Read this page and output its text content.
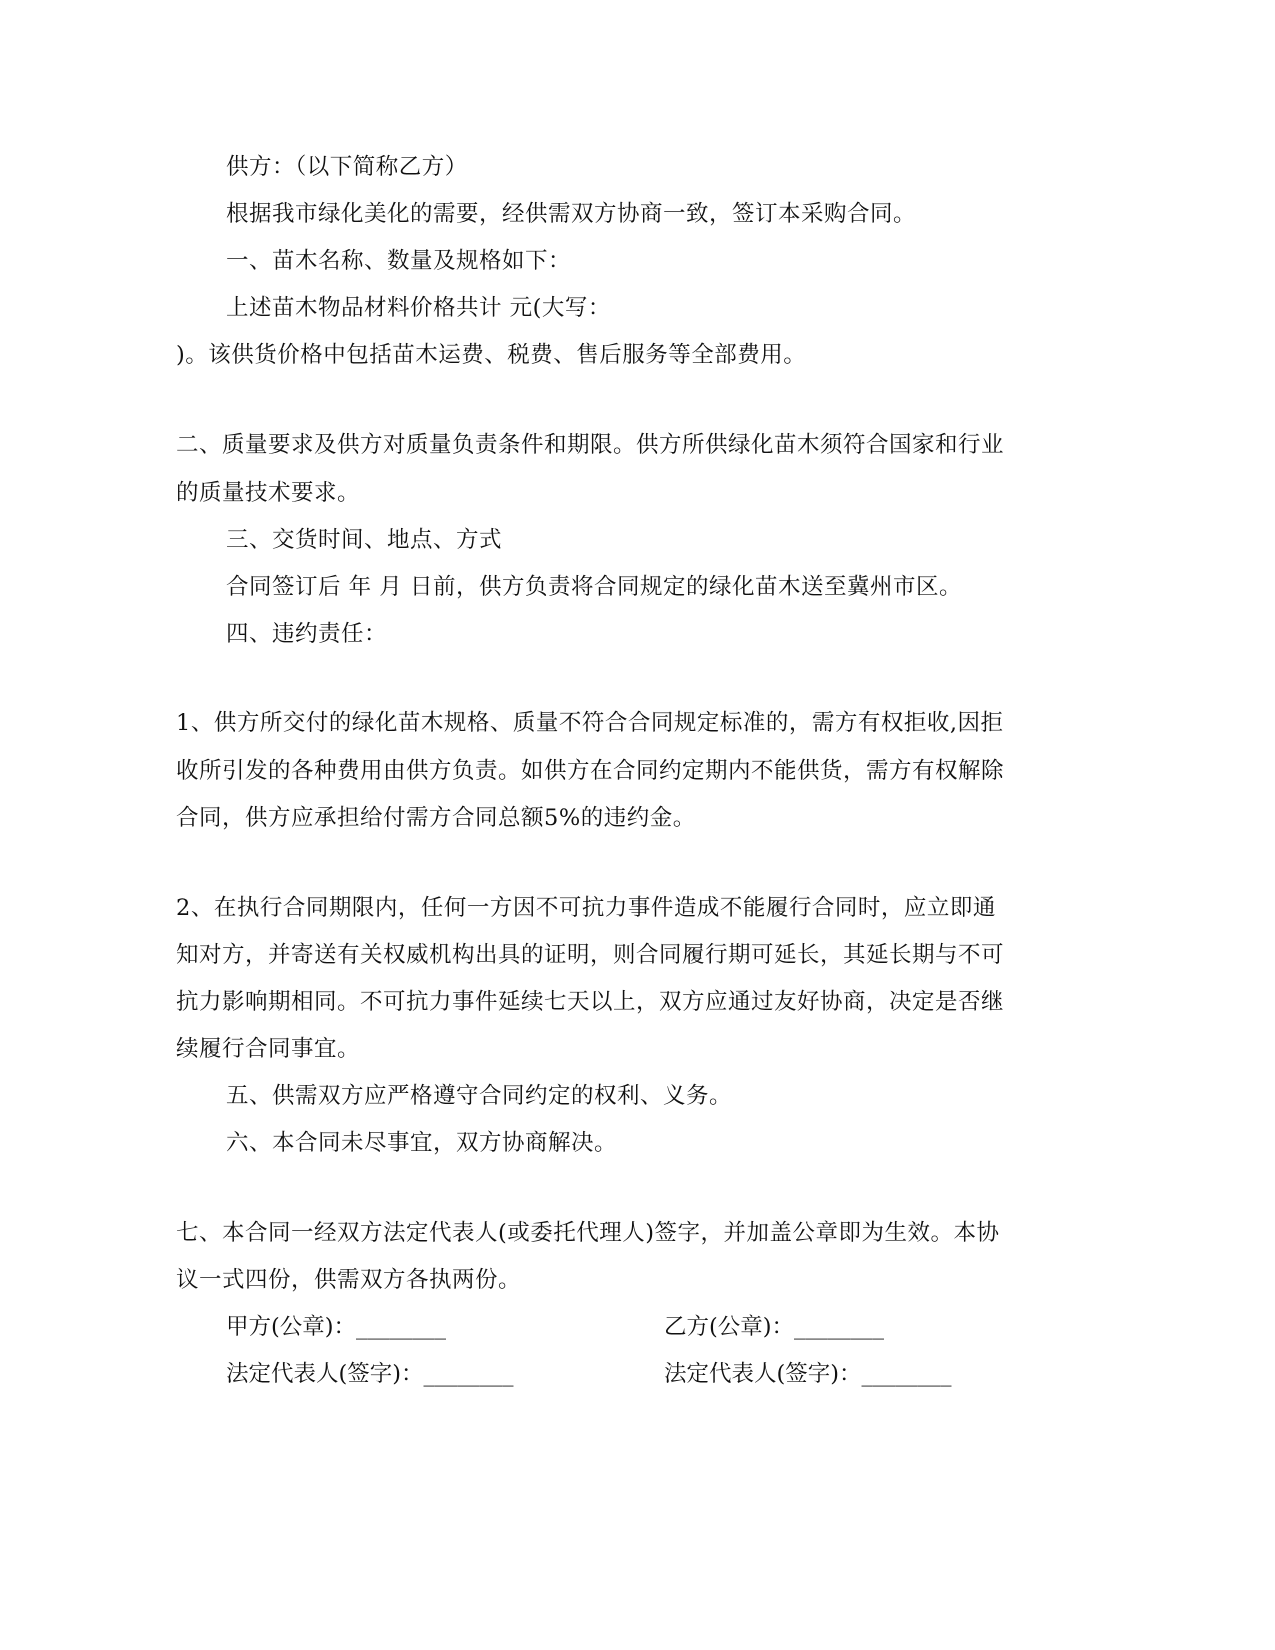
供方：（以下简称乙方）
根据我市绿化美化的需要，经供需双方协商一致，签订本采购合同。
一、苗木名称、数量及规格如下：
上述苗木物品材料价格共计 元(大写：
)。该供货价格中包括苗木运费、税费、售后服务等全部费用。
二、质量要求及供方对质量负责条件和期限。供方所供绿化苗木须符合国家和行业
的质量技术要求。
三、交货时间、地点、方式
合同签订后 年 月 日前，供方负责将合同规定的绿化苗木送至冀州市区。
四、违约责任：
1、供方所交付的绿化苗木规格、质量不符合合同规定标准的，需方有权拒收,因拒
收所引发的各种费用由供方负责。如供方在合同约定期内不能供货，需方有权解除
合同，供方应承担给付需方合同总额5%的违约金。
2、在执行合同期限内，任何一方因不可抗力事件造成不能履行合同时，应立即通
知对方，并寄送有关权威机构出具的证明，则合同履行期可延长，其延长期与不可
抗力影响期相同。不可抗力事件延续七天以上，双方应通过友好协商，决定是否继
续履行合同事宜。
五、供需双方应严格遵守合同约定的权利、义务。
六、本合同未尽事宜，双方协商解决。
七、本合同一经双方法定代表人(或委托代理人)签字，并加盖公章即为生效。本协
议一式四份，供需双方各执两份。
甲方(公章)：________	乙方(公章)：________
法定代表人(签字)：________	法定代表人(签字)：________
